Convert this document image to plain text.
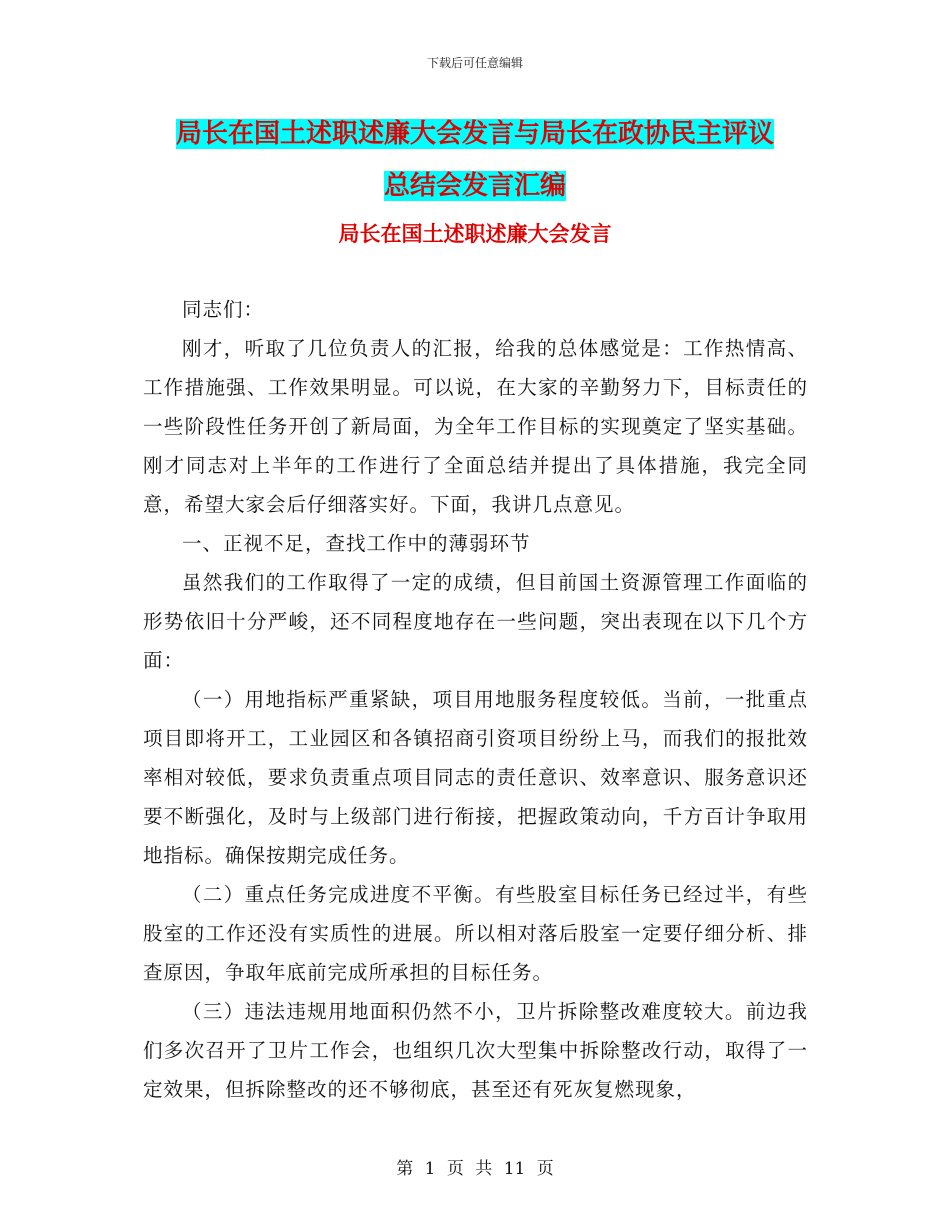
下载后可任意编辑
局长在国土述职述廉大会发言与局长在政协民主评议
总结会发言汇编
局长在国土述职述廉大会发言

同志们：

刚才，听取了几位负责人的汇报，给我的总体感觉是：工作热情高、工作措施强、工作效果明显。可以说，在大家的辛勤努力下，目标责任的一些阶段性任务开创了新局面，为全年工作目标的实现奠定了坚实基础。刚才同志对上半年的工作进行了全面总结并提出了具体措施，我完全同意，希望大家会后仔细落实好。下面，我讲几点意见。

一、正视不足，查找工作中的薄弱环节

虽然我们的工作取得了一定的成绩，但目前国土资源管理工作面临的形势依旧十分严峻，还不同程度地存在一些问题，突出表现在以下几个方面：

（一）用地指标严重紧缺，项目用地服务程度较低。当前，一批重点项目即将开工，工业园区和各镇招商引资项目纷纷上马，而我们的报批效率相对较低，要求负责重点项目同志的责任意识、效率意识、服务意识还要不断强化，及时与上级部门进行衔接，把握政策动向，千方百计争取用地指标。确保按期完成任务。

（二）重点任务完成进度不平衡。有些股室目标任务已经过半，有些股室的工作还没有实质性的进展。所以相对落后股室一定要仔细分析、排查原因，争取年底前完成所承担的目标任务。

（三）违法违规用地面积仍然不小，卫片拆除整改难度较大。前边我们多次召开了卫片工作会，也组织几次大型集中拆除整改行动，取得了一定效果，但拆除整改的还不够彻底，甚至还有死灰复燃现象，

第 1 页 共 11 页
